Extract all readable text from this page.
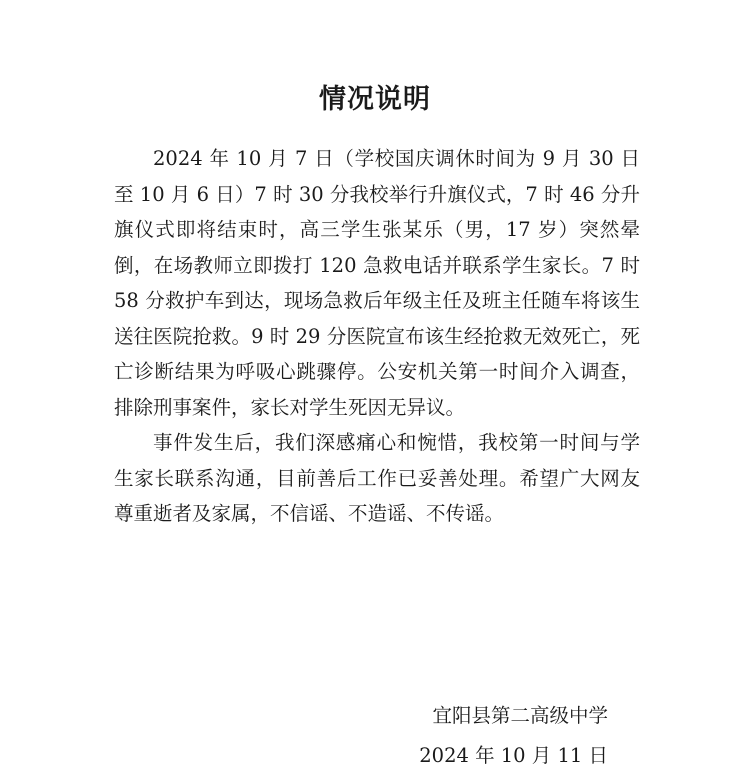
情况说明

2024 年 10 月 7 日（学校国庆调休时间为 9 月 30 日至 10 月 6 日）7 时 30 分我校举行升旗仪式，7 时 46 分升旗仪式即将结束时，高三学生张某乐（男，17 岁）突然晕倒，在场教师立即拨打 120 急救电话并联系学生家长。7 时 58 分救护车到达，现场急救后年级主任及班主任随车将该生送往医院抢救。9 时 29 分医院宣布该生经抢救无效死亡，死亡诊断结果为呼吸心跳骤停。公安机关第一时间介入调查，排除刑事案件，家长对学生死因无异议。

事件发生后，我们深感痛心和惋惜，我校第一时间与学生家长联系沟通，目前善后工作已妥善处理。希望广大网友尊重逝者及家属，不信谣、不造谣、不传谣。

宜阳县第二高级中学
2024 年 10 月 11 日
